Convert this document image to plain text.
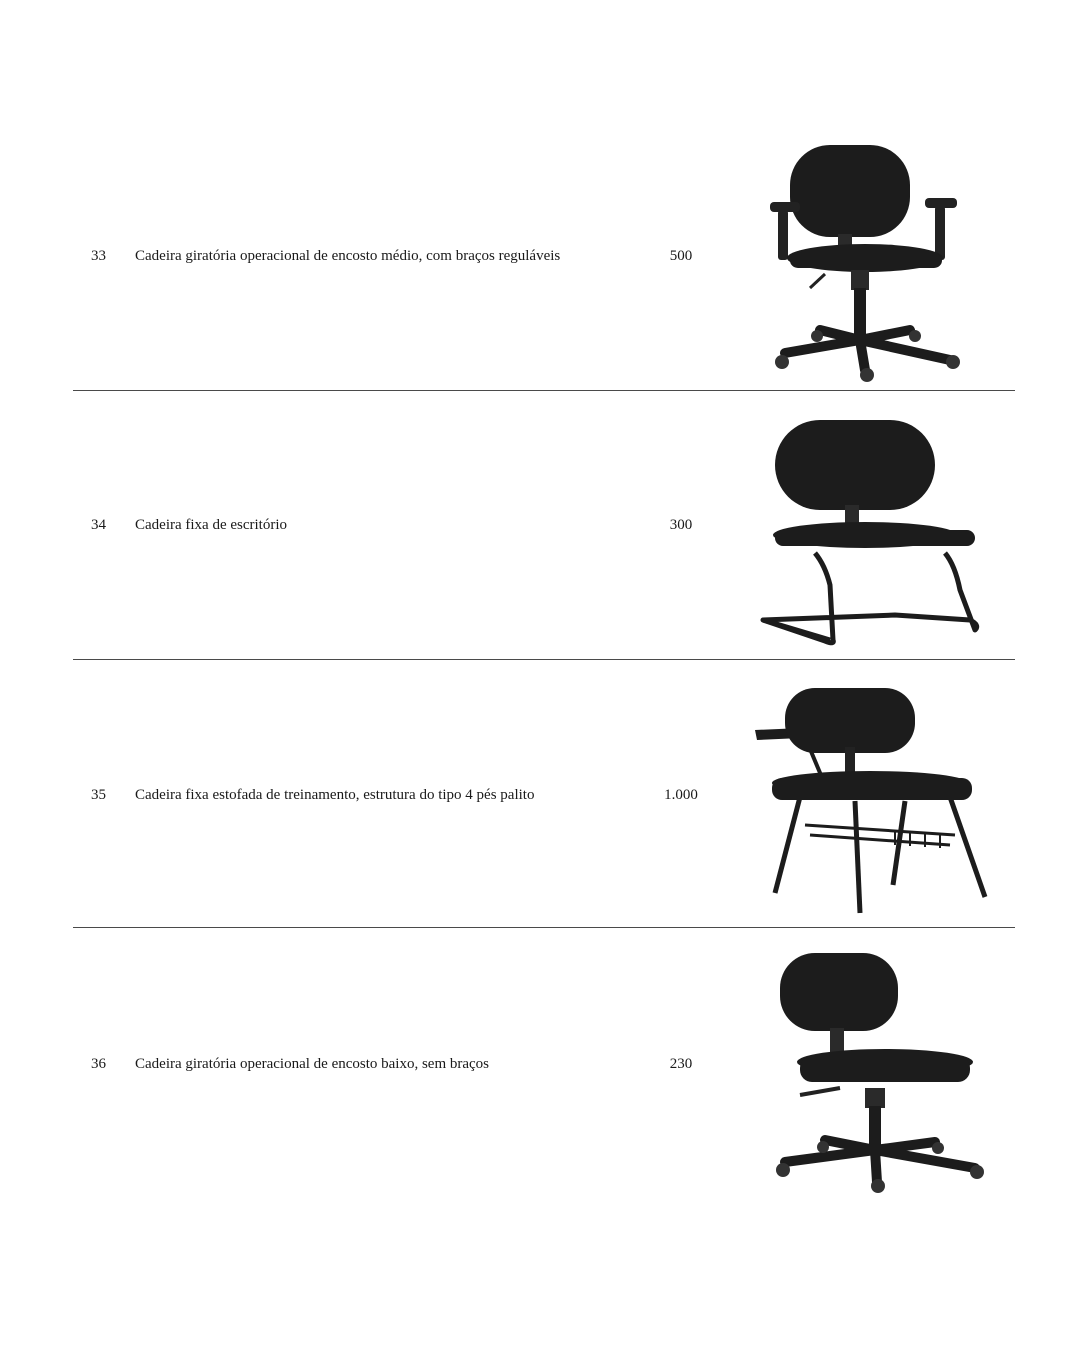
33 Cadeira giratória operacional de encosto médio, com braços reguláveis	500
34 Cadeira fixa de escritório	300
35 Cadeira fixa estofada de treinamento, estrutura do tipo 4 pés palito	1.000
36 Cadeira giratória operacional de encosto baixo, sem braços	230
